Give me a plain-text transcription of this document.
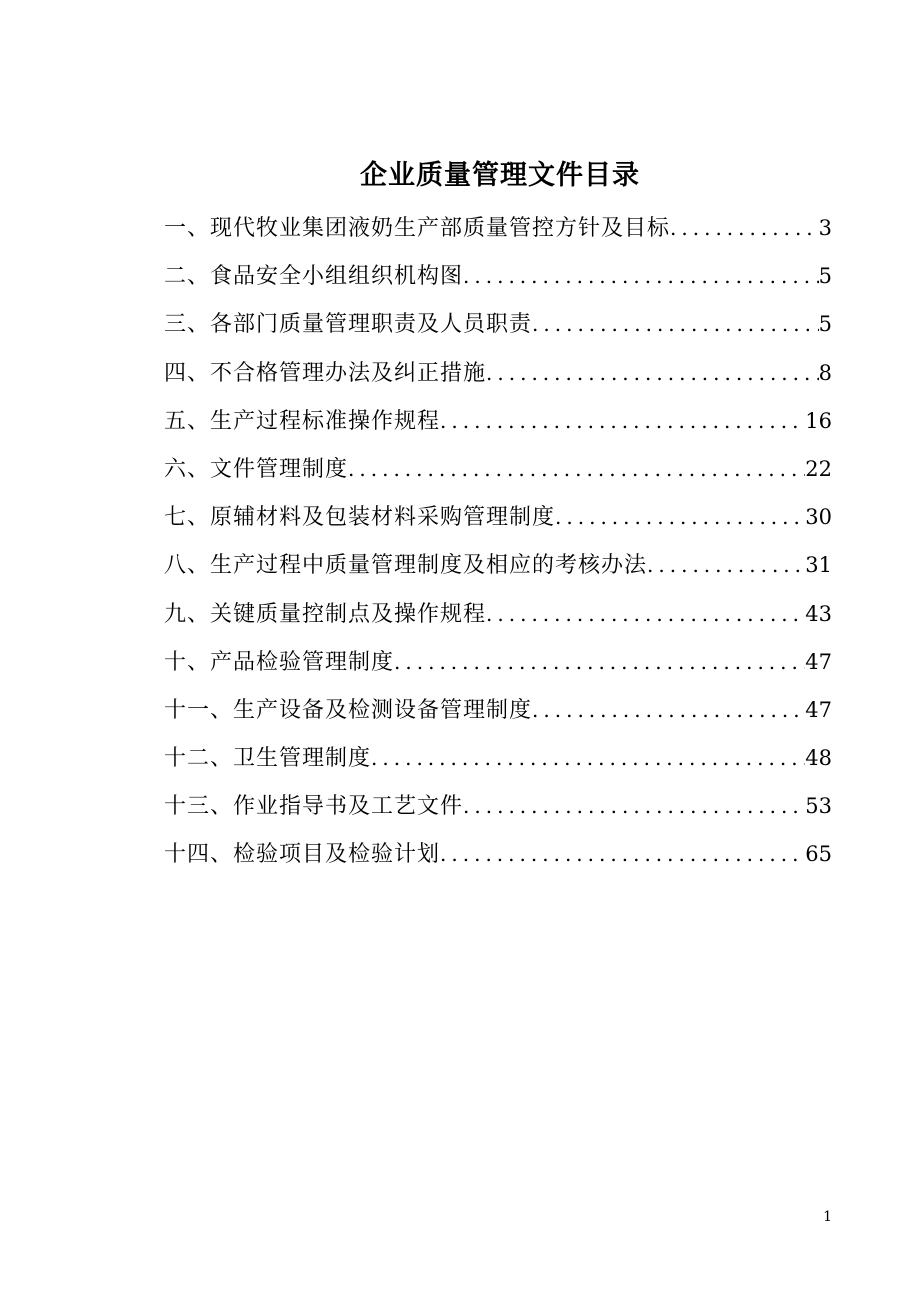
企业质量管理文件目录
一、现代牧业集团液奶生产部质量管控方针及目标 .....	3
二、食品安全小组组织机构图 .....	5
三、各部门质量管理职责及人员职责 .....	5
四、不合格管理办法及纠正措施 .....	8
五、生产过程标准操作规程 .....	16
六、文件管理制度 .....	22
七、原辅材料及包装材料采购管理制度 .....	30
八、生产过程中质量管理制度及相应的考核办法 .....	31
九、关键质量控制点及操作规程 .....	43
十、产品检验管理制度 .....	47
十一、生产设备及检测设备管理制度 .....	47
十二、卫生管理制度 .....	48
十三、作业指导书及工艺文件 .....	53
十四、检验项目及检验计划 .....	65
1
